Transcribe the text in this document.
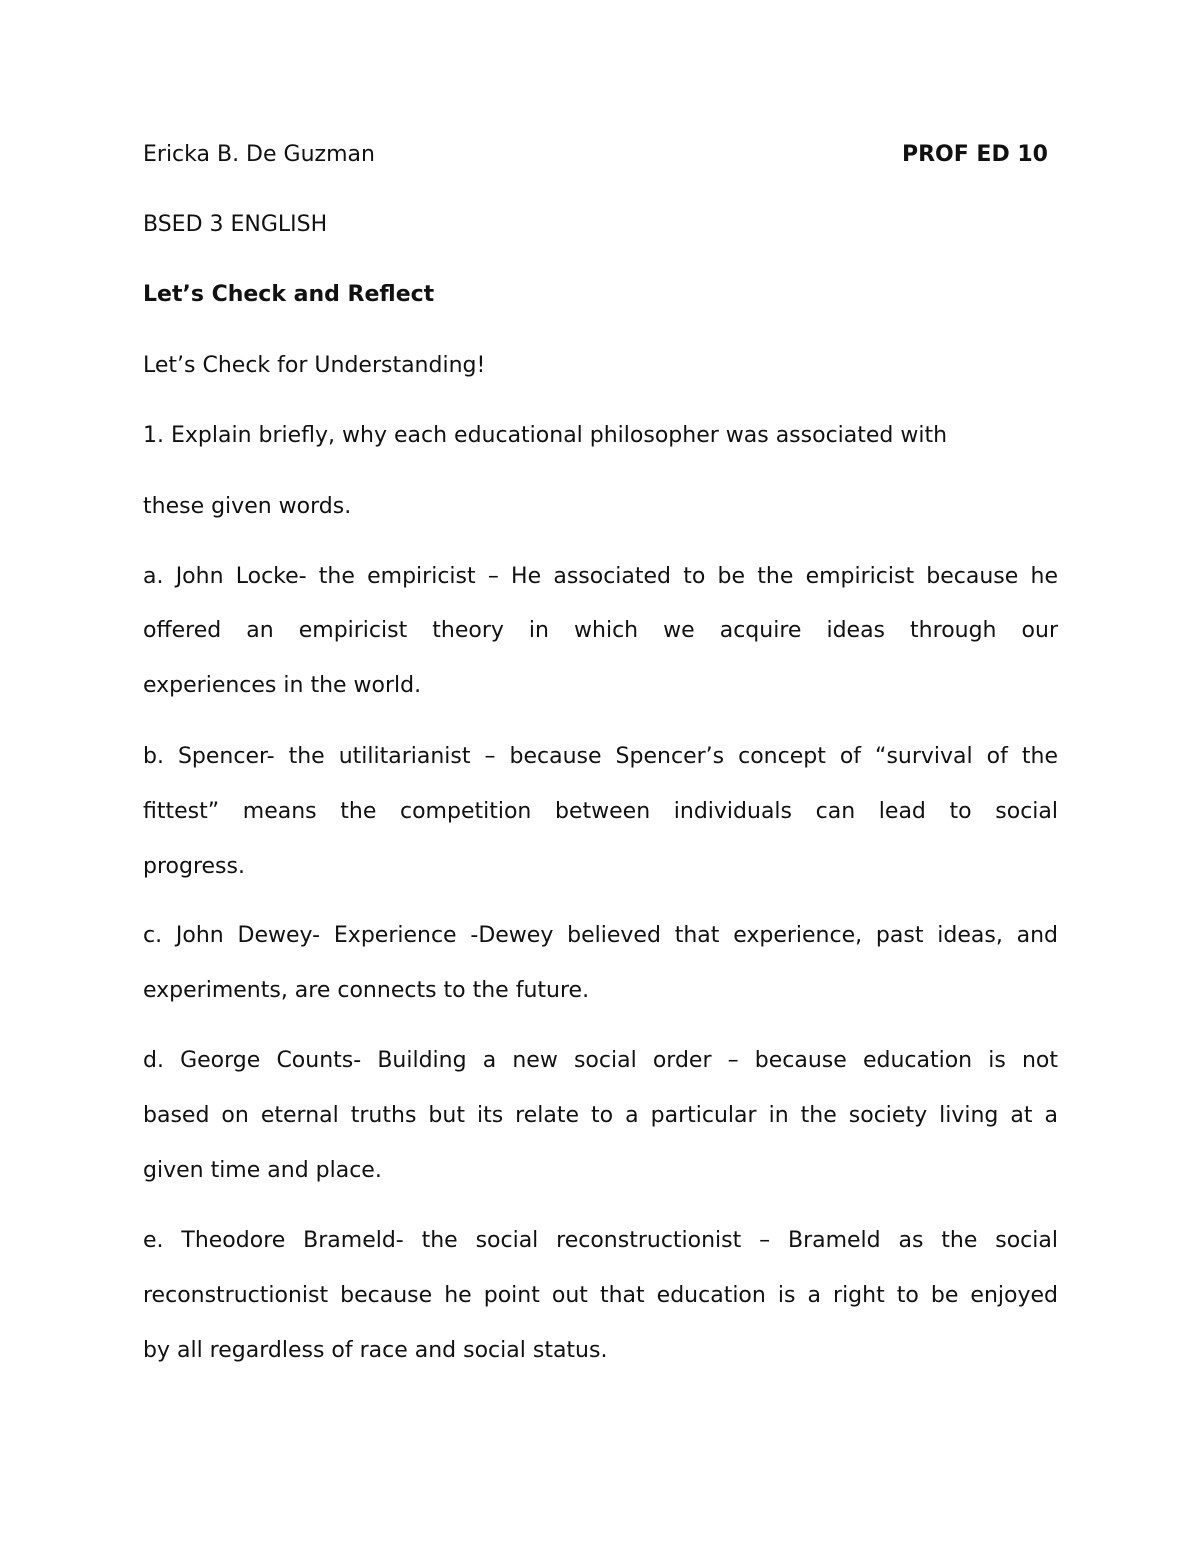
Ericka B. De Guzman	PROF ED 10
BSED 3 ENGLISH
Let’s Check and Reflect
Let’s Check for Understanding!
1. Explain briefly, why each educational philosopher was associated with
these given words.
a. John Locke- the empiricist – He associated to be the empiricist because he
offered an empiricist theory in which we acquire ideas through our
experiences in the world.
b. Spencer- the utilitarianist – because Spencer’s concept of “survival of the
fittest” means the competition between individuals can lead to social
progress.
c. John Dewey- Experience -Dewey believed that experience, past ideas, and
experiments, are connects to the future.
d. George Counts- Building a new social order – because education is not
based on eternal truths but its relate to a particular in the society living at a
given time and place.
e. Theodore Brameld- the social reconstructionist – Brameld as the social
reconstructionist because he point out that education is a right to be enjoyed
by all regardless of race and social status.
